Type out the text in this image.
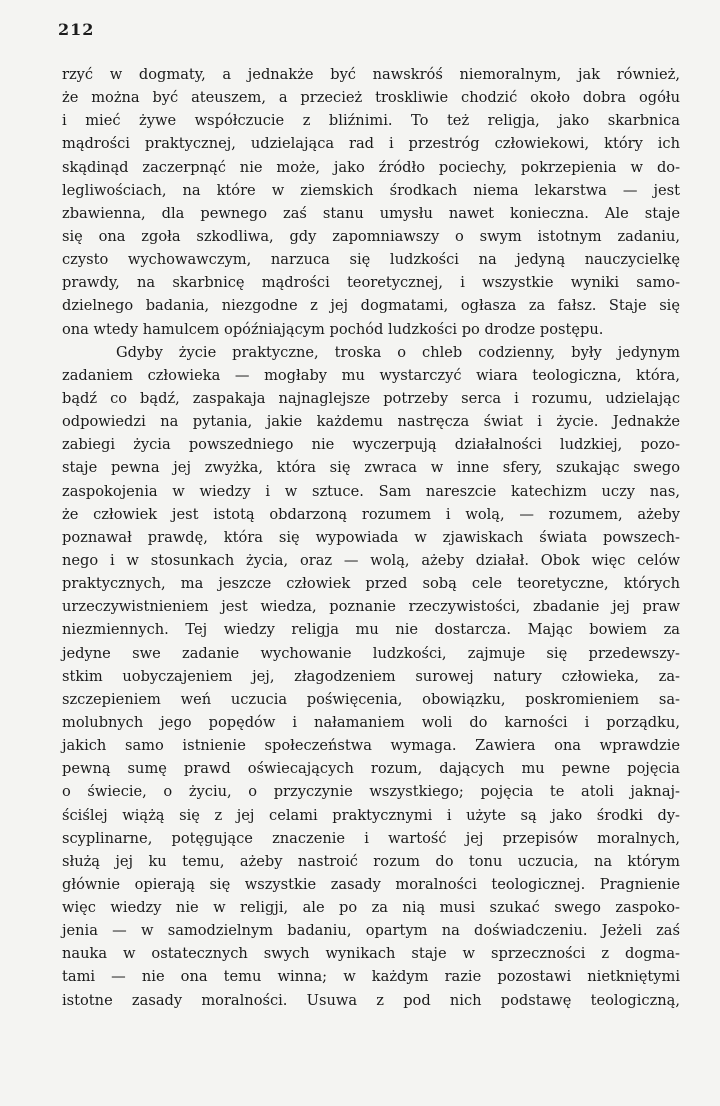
212
rzyć w dogmaty, a jednakże być nawskróś niemoralnym, jak również,
że można być ateuszem, a przecież troskliwie chodzić około dobra ogółu
i mieć żywe współczucie z bliźnimi. To też religja, jako skarbnica
mądrości praktycznej, udzielająca rad i przestróg człowiekowi, który ich
skądinąd zaczerpnąć nie może, jako źródło pociechy, pokrzepienia w do-
legliwościach, na które w ziemskich środkach niema lekarstwa — jest
zbawienna, dla pewnego zaś stanu umysłu nawet konieczna. Ale staje
się ona zgoła szkodliwa, gdy zapomniawszy o swym istotnym zadaniu,
czysto wychowawczym, narzuca się ludzkości na jedyną nauczycielkę
prawdy, na skarbnicę mądrości teoretycznej, i wszystkie wyniki samo-
dzielnego badania, niezgodne z jej dogmatami, ogłasza za fałsz. Staje się
ona wtedy hamulcem opóźniającym pochód ludzkości po drodze postępu.
Gdyby życie praktyczne, troska o chleb codzienny, były jedynym
zadaniem człowieka — mogłaby mu wystarczyć wiara teologiczna, która,
bądź co bądź, zaspakaja najnaglejsze potrzeby serca i rozumu, udzielając
odpowiedzi na pytania, jakie każdemu nastręcza świat i życie. Jednakże
zabiegi życia powszedniego nie wyczerpują działalności ludzkiej, pozo-
staje pewna jej zwyżka, która się zwraca w inne sfery, szukając swego
zaspokojenia w wiedzy i w sztuce. Sam nareszcie katechizm uczy nas,
że człowiek jest istotą obdarzoną rozumem i wolą, — rozumem, ażeby
poznawał prawdę, która się wypowiada w zjawiskach świata powszech-
nego i w stosunkach życia, oraz — wolą, ażeby działał. Obok więc celów
praktycznych, ma jeszcze człowiek przed sobą cele teoretyczne, których
urzeczywistnieniem jest wiedza, poznanie rzeczywistości, zbadanie jej praw
niezmiennych. Tej wiedzy religja mu nie dostarcza. Mając bowiem za
jedyne swe zadanie wychowanie ludzkości, zajmuje się przedewszy-
stkim uobyczajeniem jej, złagodzeniem surowej natury człowieka, za-
szczepieniem weń uczucia poświęcenia, obowiązku, poskromieniem sa-
molubnych jego popędów i nałamaniem woli do karności i porządku,
jakich samo istnienie społeczeństwa wymaga. Zawiera ona wprawdzie
pewną sumę prawd oświecających rozum, dających mu pewne pojęcia
o świecie, o życiu, o przyczynie wszystkiego; pojęcia te atoli jaknaj-
ściślej wiążą się z jej celami praktycznymi i użyte są jako środki dy-
scyplinarne, potęgujące znaczenie i wartość jej przepisów moralnych,
służą jej ku temu, ażeby nastroić rozum do tonu uczucia, na którym
głównie opierają się wszystkie zasady moralności teologicznej. Pragnienie
więc wiedzy nie w religji, ale po za nią musi szukać swego zaspoko-
jenia — w samodzielnym badaniu, opartym na doświadczeniu. Jeżeli zaś
nauka w ostatecznych swych wynikach staje w sprzeczności z dogma-
tami — nie ona temu winna; w każdym razie pozostawi nietkniętymi
istotne zasady moralności. Usuwa z pod nich podstawę teologiczną,
